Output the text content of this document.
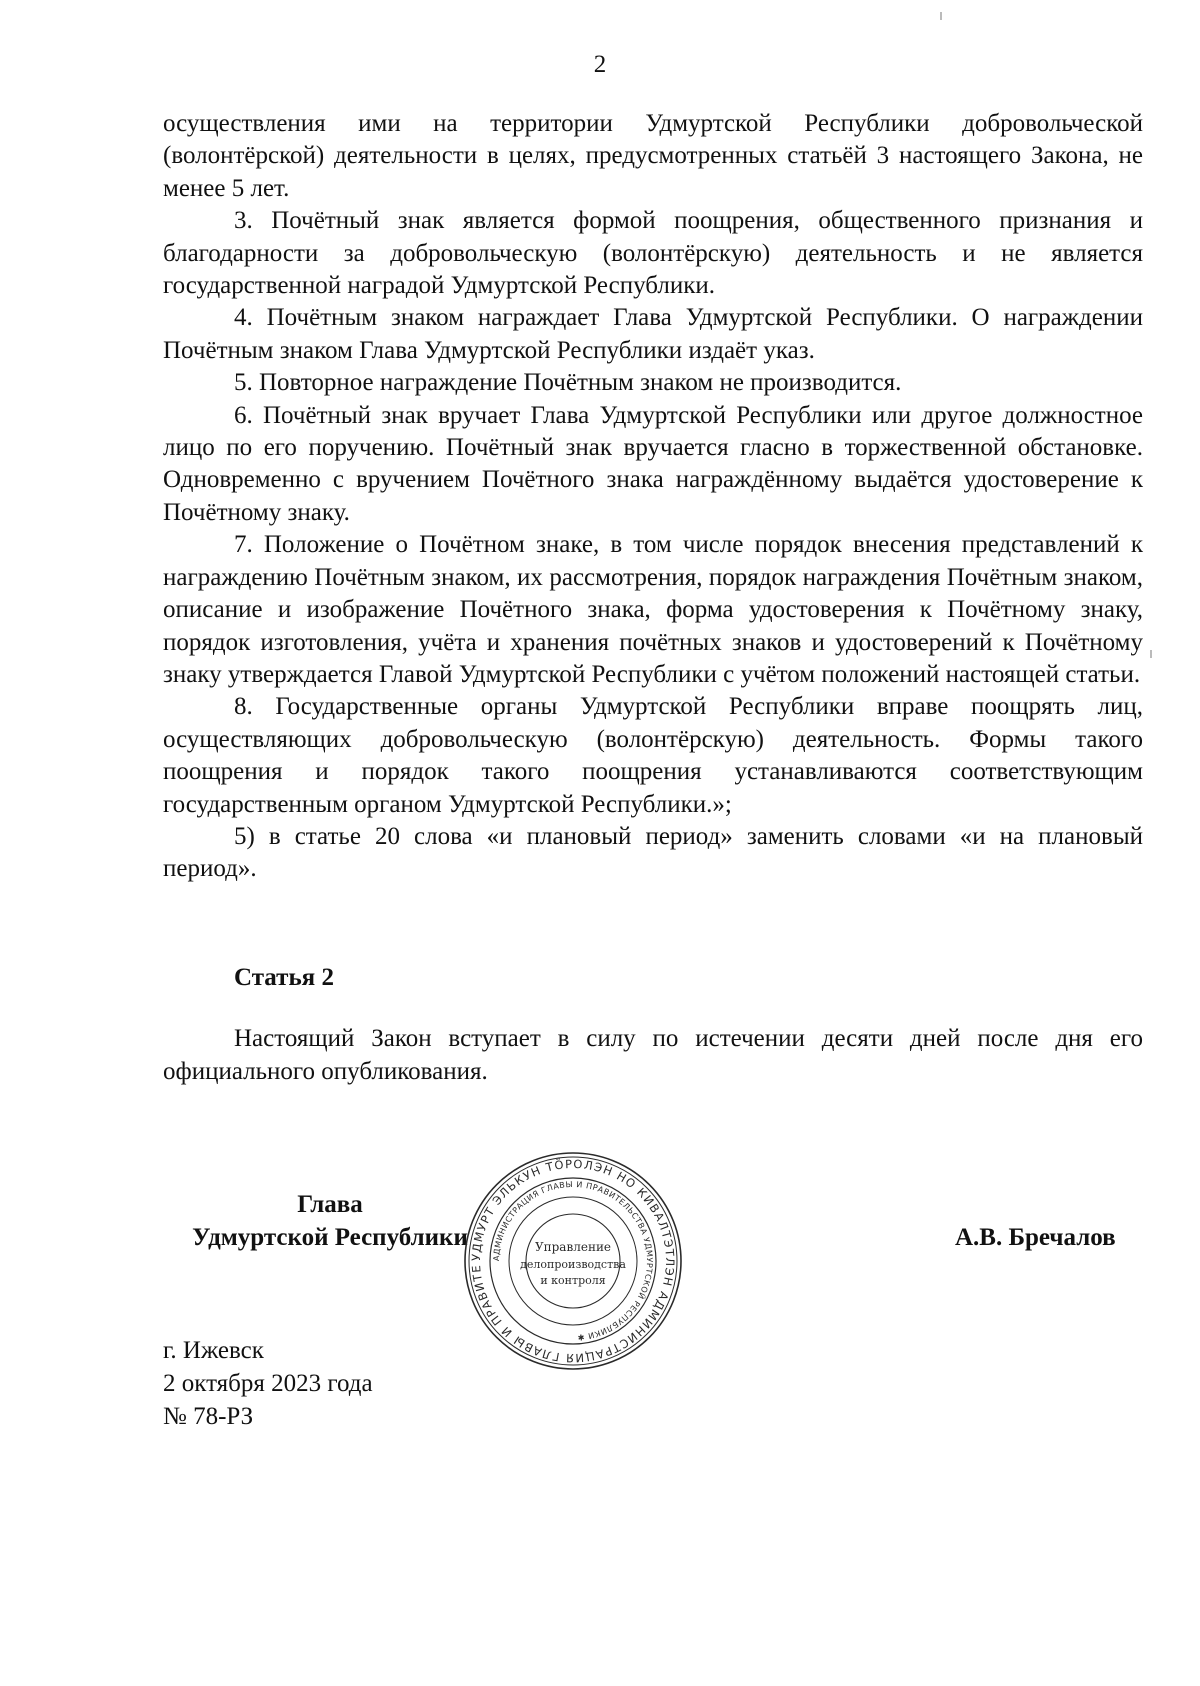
2

осуществления ими на территории Удмуртской Республики добровольческой (волонтёрской) деятельности в целях, предусмотренных статьёй 3 настоящего Закона, не менее 5 лет.

3. Почётный знак является формой поощрения, общественного признания и благодарности за добровольческую (волонтёрскую) деятельность и не является государственной наградой Удмуртской Республики.

4. Почётным знаком награждает Глава Удмуртской Республики. О награждении Почётным знаком Глава Удмуртской Республики издаёт указ.

5. Повторное награждение Почётным знаком не производится.

6. Почётный знак вручает Глава Удмуртской Республики или другое должностное лицо по его поручению. Почётный знак вручается гласно в торжественной обстановке. Одновременно с вручением Почётного знака награждённому выдаётся удостоверение к Почётному знаку.

7. Положение о Почётном знаке, в том числе порядок внесения представлений к награждению Почётным знаком, их рассмотрения, порядок награждения Почётным знаком, описание и изображение Почётного знака, форма удостоверения к Почётному знаку, порядок изготовления, учёта и хранения почётных знаков и удостоверений к Почётному знаку утверждается Главой Удмуртской Республики с учётом положений настоящей статьи.

8. Государственные органы Удмуртской Республики вправе поощрять лиц, осуществляющих добровольческую (волонтёрскую) деятельность. Формы такого поощрения и порядок такого поощрения устанавливаются соответствующим государственным органом Удмуртской Республики.»;

5) в статье 20 слова «и плановый период» заменить словами «и на плановый период».

Статья 2

Настоящий Закон вступает в силу по истечении десяти дней после дня его официального опубликования.

Глава
Удмуртской Республики
УДМУРТ ЭЛЬКУН ТӦРОЛЭН НО КИВАЛТЭТЛЭН АДМИНИСТРАЦИЯ ГЛАВЫ И ПРАВИТЕ
АДМИНИСТРАЦИЯ ГЛАВЫ И ПРАВИТЕЛЬСТВА УДМУРТСКОЙ РЕСПУБЛИКИ ✱
Управление
делопроизводства
и контроля
А.В. Бречалов
г. Ижевск
2 октября 2023 года
№ 78-РЗ
